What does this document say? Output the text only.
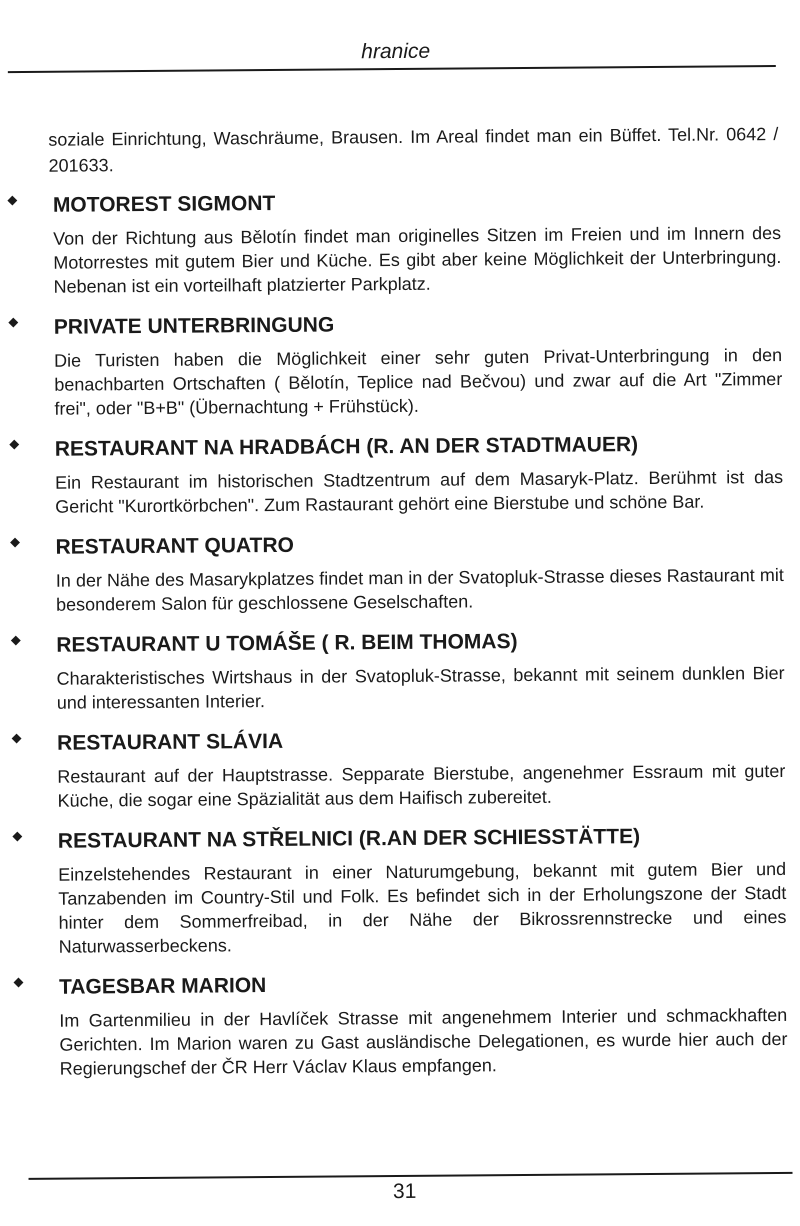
hranice
soziale Einrichtung, Waschräume, Brausen. Im Areal findet man ein Büffet. Tel.Nr. 0642 / 201633.
MOTOREST SIGMONT
Von der Richtung aus Bělotín findet man originelles Sitzen im Freien und im Innern des Motorrestes mit gutem Bier und Küche. Es gibt aber keine Möglichkeit der Unterbringung. Nebenan ist ein vorteilhaft platzierter Parkplatz.
PRIVATE UNTERBRINGUNG
Die Turisten haben die Möglichkeit einer sehr guten Privat-Unterbringung in den benachbarten Ortschaften ( Bělotín, Teplice nad Bečvou) und zwar auf die Art "Zimmer frei", oder "B+B" (Übernachtung + Frühstück).
RESTAURANT NA HRADBÁCH (R. AN DER STADTMAUER)
Ein Restaurant im historischen Stadtzentrum auf dem Masaryk-Platz. Berühmt ist das Gericht "Kurortkörbchen". Zum Rastaurant gehört eine Bierstube und schöne Bar.
RESTAURANT QUATRO
In der Nähe des Masarykplatzes findet man in der Svatopluk-Strasse dieses Rastaurant mit besonderem Salon für geschlossene Geselschaften.
RESTAURANT U TOMÁŠE ( R. BEIM THOMAS)
Charakteristisches Wirtshaus in der Svatopluk-Strasse, bekannt mit seinem dunklen Bier und interessanten Interier.
RESTAURANT SLÁVIA
Restaurant auf der Hauptstrasse. Sepparate Bierstube, angenehmer Essraum mit guter Küche, die sogar eine Späzialität aus dem Haifisch zubereitet.
RESTAURANT NA STŘELNICI (R.AN DER SCHIESSTÄTTE)
Einzelstehendes Restaurant in einer Naturumgebung, bekannt mit gutem Bier und Tanzabenden im Country-Stil und Folk. Es befindet sich in der Erholungszone der Stadt hinter dem Sommerfreibad, in der Nähe der Bikrossrennstrecke und eines Naturwasserbeckens.
TAGESBAR MARION
Im Gartenmilieu in der Havlíček Strasse mit angenehmem Interier und schmackhaften Gerichten. Im Marion waren zu Gast ausländische Delegationen, es wurde hier auch der Regierungschef der ČR Herr Václav Klaus empfangen.
31
